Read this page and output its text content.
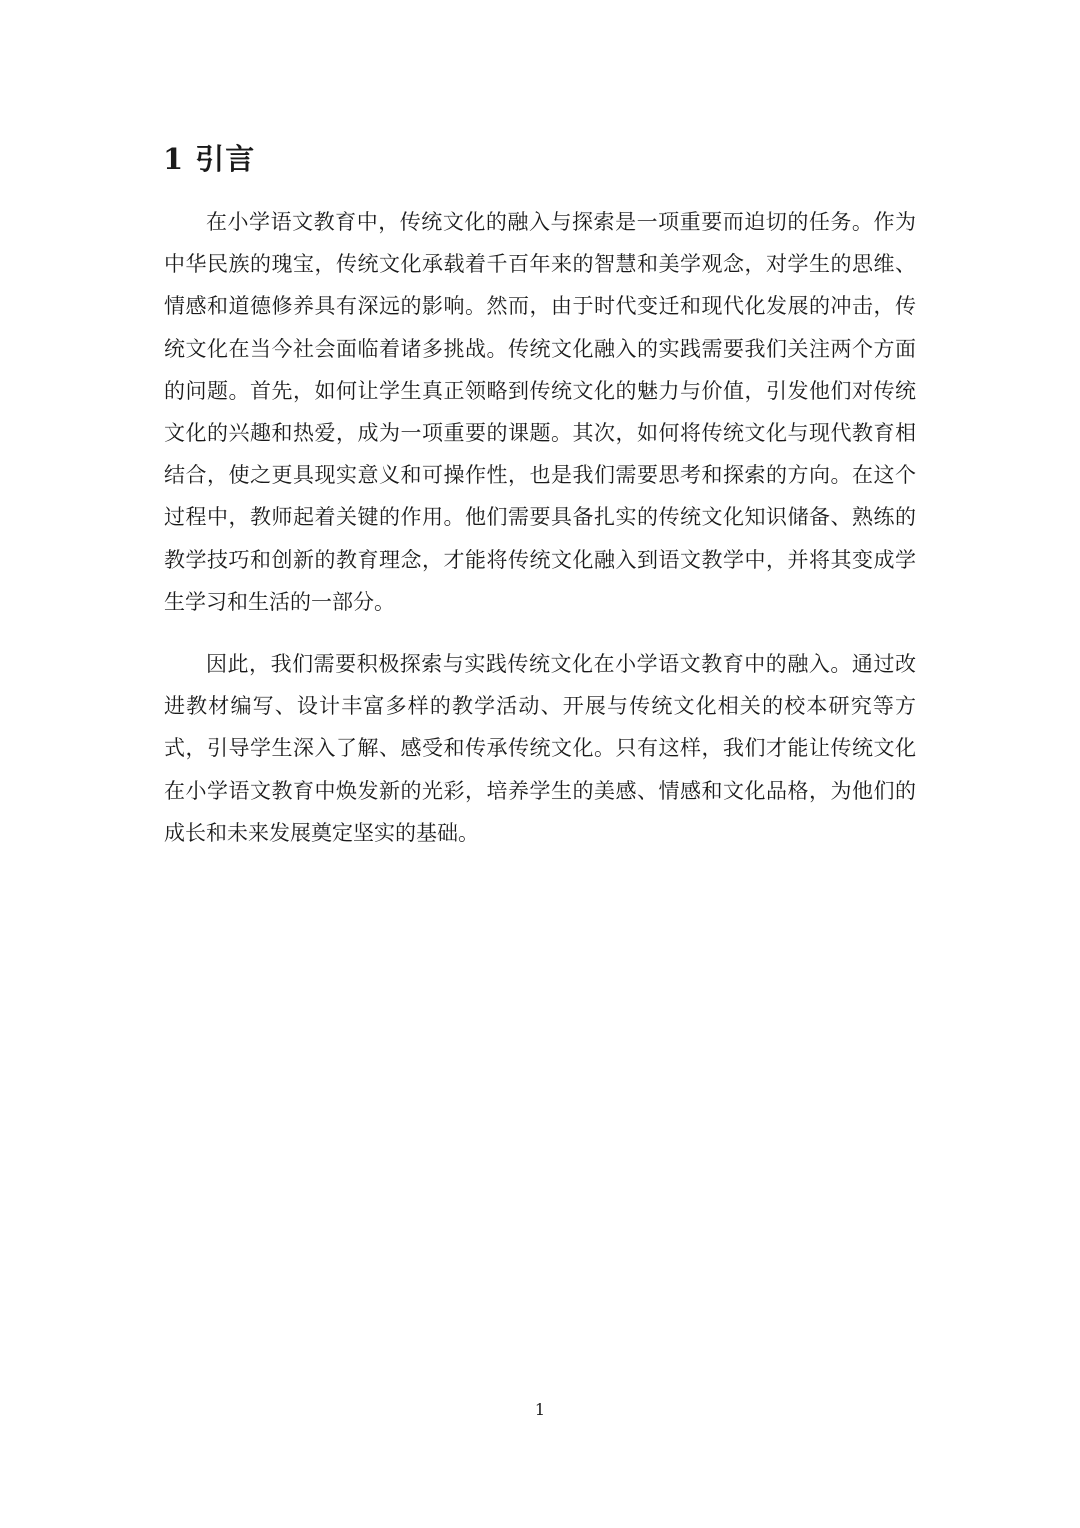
1 引言

在小学语文教育中，传统文化的融入与探索是一项重要而迫切的任务。作为中华民族的瑰宝，传统文化承载着千百年来的智慧和美学观念，对学生的思维、情感和道德修养具有深远的影响。然而，由于时代变迁和现代化发展的冲击，传统文化在当今社会面临着诸多挑战。传统文化融入的实践需要我们关注两个方面的问题。首先，如何让学生真正领略到传统文化的魅力与价值，引发他们对传统文化的兴趣和热爱，成为一项重要的课题。其次，如何将传统文化与现代教育相结合，使之更具现实意义和可操作性，也是我们需要思考和探索的方向。在这个过程中，教师起着关键的作用。他们需要具备扎实的传统文化知识储备、熟练的教学技巧和创新的教育理念，才能将传统文化融入到语文教学中，并将其变成学生学习和生活的一部分。

因此，我们需要积极探索与实践传统文化在小学语文教育中的融入。通过改进教材编写、设计丰富多样的教学活动、开展与传统文化相关的校本研究等方式，引导学生深入了解、感受和传承传统文化。只有这样，我们才能让传统文化在小学语文教育中焕发新的光彩，培养学生的美感、情感和文化品格，为他们的成长和未来发展奠定坚实的基础。

1
